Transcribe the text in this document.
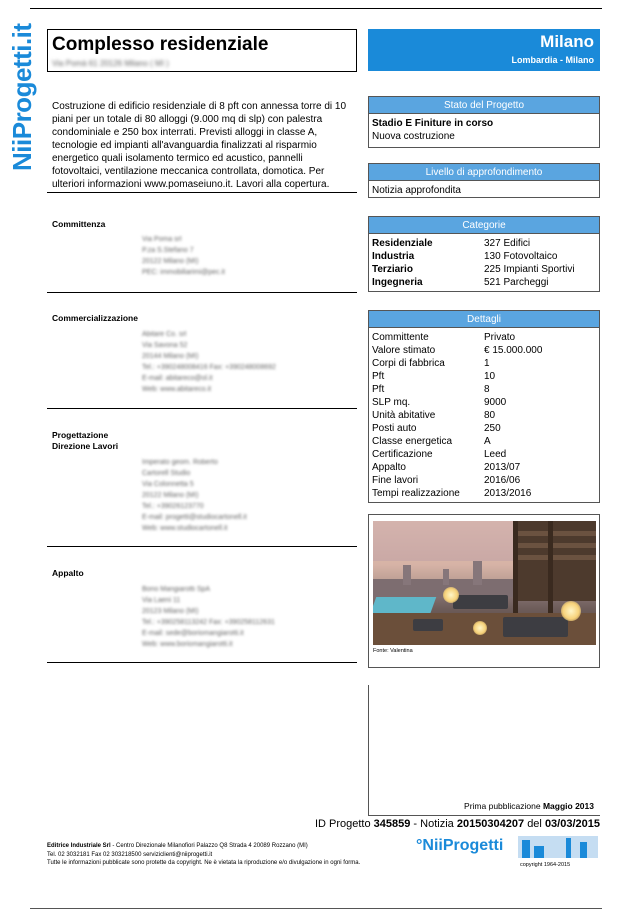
NiiProgetti.it Complesso residenziale
Via Pomà 61 20126 Milano ( MI )
Milano
Lombardia - Milano
Costruzione di edificio residenziale di 8 pft con annessa torre di 10 piani per un totale di 80 alloggi (9.000 mq di slp) con palestra condominiale e 250 box interrati. Previsti alloggi in classe A, tecnologie ed impianti all'avanguardia finalizzati al risparmio energetico quali isolamento termico ed acustico, pannelli fotovoltaici, ventilazione meccanica controllata, domotica. Per ulteriori informazioni www.pomaseiuno.it. Lavori alla copertura.
Committenza
Via Poma srl
P.za S.Stefano 7
20122 Milano (MI)
PEC: immobiliarimi@pec.it
Commercializzazione
Abitare Co. srl
Via Savona 52
20144 Milano (MI)
Tel.: +390248008416 Fax: +390248008692
E-mail: abitareco@ol.it
Web: www.abitareco.it
Progettazione
Direzione Lavori
Imperato geom. Roberto
Cartorell Studio
Via Colonnetta 5
20122 Milano (MI)
Tel.: +39026123770
E-mail: progetti@studiocartonell.it
Web: www.studiocartonell.it
Appalto
Borio Mangiarotti SpA
Via Laeni 11
20123 Milano (MI)
Tel.: +390258113242 Fax: +390258112631
E-mail: sede@boriomangiarotti.it
Web: www.boriomangiarotti.it
Stato del Progetto
Stadio E Finiture in corso
Nuova costruzione
Livello di approfondimento
Notizia approfondita
Categorie
Residenziale	327 Edifici
Industria	130 Fotovoltaico
Terziario	225 Impianti Sportivi
Ingegneria	521 Parcheggi
Dettagli
Committente	Privato
Valore stimato	€ 15.000.000
Corpi di fabbrica	1
Pft	10
Pft	8
SLP mq.	9000
Unità abitative	80
Posti auto	250
Classe energetica	A
Certificazione	Leed
Appalto	2013/07
Fine lavori	2016/06
Tempi realizzazione	2013/2016
Fonte: Valentina
Prima pubblicazione Maggio 2013
ID Progetto 345859 - Notizia 20150304207 del 03/03/2015
Editrice Industriale Srl - Centro Direzionale Milanofiori Palazzo Q8 Strada 4 20089 Rozzano (MI)
Tel. 02 3032181 Fax 02 303218500 serviziclienti@niiprogetti.it
Tutte le informazioni pubblicate sono protette da copyright. Ne è vietata la riproduzione e/o divulgazione in ogni forma.
°NiiProgetti
copyright 1964-2015
